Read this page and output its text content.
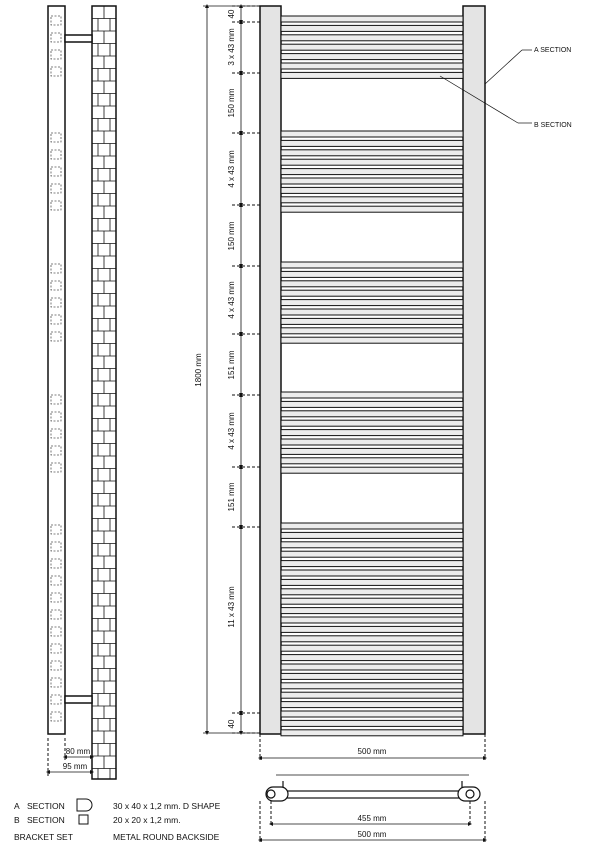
80 mm
95 mm
1800 mm
40
3 x 43 mm
150 mm
4 x 43 mm
150 mm
4 x 43 mm
151 mm
4 x 43 mm
151 mm
11 x 43 mm
40
500 mm
A SECTION
B SECTION
455 mm
500 mm
A SECTION	30 x 40 x 1,2 mm. D SHAPE
B SECTION	20 x 20 x 1,2 mm.
BRACKET SET	METAL ROUND BACKSIDE
